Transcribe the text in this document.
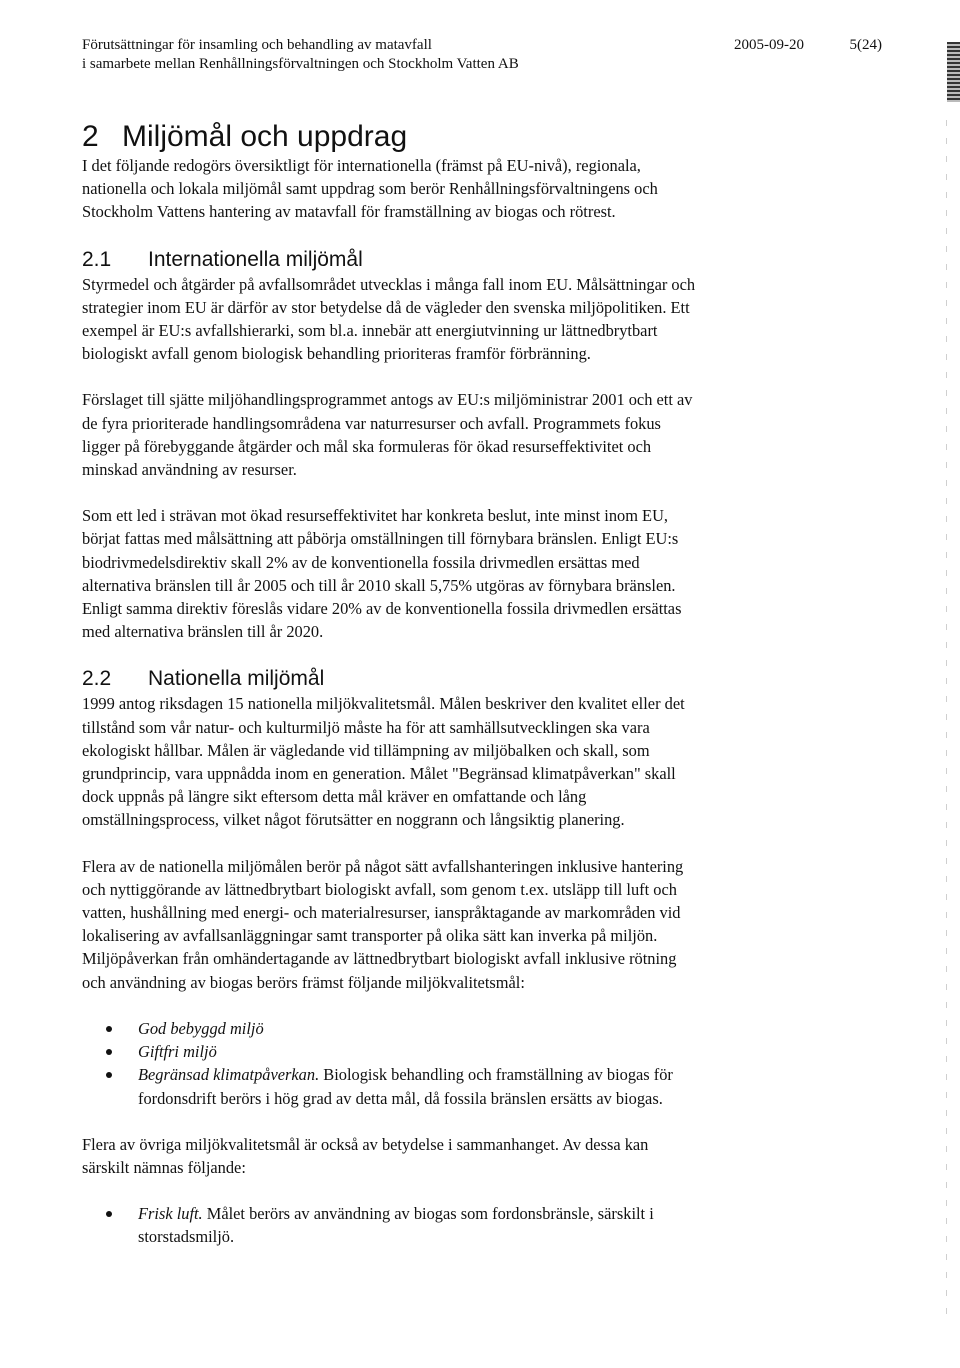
Förutsättningar för insamling och behandling av matavfall
i samarbete mellan Renhållningsförvaltningen och Stockholm Vatten AB
2005-09-20	5(24)
2 Miljömål och uppdrag

I det följande redogörs översiktligt för internationella (främst på EU-nivå), regionala,
nationella och lokala miljömål samt uppdrag som berör Renhållningsförvaltningens och
Stockholm Vattens hantering av matavfall för framställning av biogas och rötrest.

2.1 Internationella miljömål

Styrmedel och åtgärder på avfallsområdet utvecklas i många fall inom EU. Målsättningar och
strategier inom EU är därför av stor betydelse då de vägleder den svenska miljöpolitiken. Ett
exempel är EU:s avfallshierarki, som bl.a. innebär att energiutvinning ur lättnedbrytbart
biologiskt avfall genom biologisk behandling prioriteras framför förbränning.

Förslaget till sjätte miljöhandlingsprogrammet antogs av EU:s miljöministrar 2001 och ett av
de fyra prioriterade handlingsområdena var naturresurser och avfall. Programmets fokus
ligger på förebyggande åtgärder och mål ska formuleras för ökad resurseffektivitet och
minskad användning av resurser.

Som ett led i strävan mot ökad resurseffektivitet har konkreta beslut, inte minst inom EU,
börjat fattas med målsättning att påbörja omställningen till förnybara bränslen. Enligt EU:s
biodrivmedelsdirektiv skall 2% av de konventionella fossila drivmedlen ersättas med
alternativa bränslen till år 2005 och till år 2010 skall 5,75% utgöras av förnybara bränslen.
Enligt samma direktiv föreslås vidare 20% av de konventionella fossila drivmedlen ersättas
med alternativa bränslen till år 2020.

2.2 Nationella miljömål

1999 antog riksdagen 15 nationella miljökvalitetsmål. Målen beskriver den kvalitet eller det
tillstånd som vår natur- och kulturmiljö måste ha för att samhällsutvecklingen ska vara
ekologiskt hållbar. Målen är vägledande vid tillämpning av miljöbalken och skall, som
grundprincip, vara uppnådda inom en generation. Målet "Begränsad klimatpåverkan" skall
dock uppnås på längre sikt eftersom detta mål kräver en omfattande och lång
omställningsprocess, vilket något förutsätter en noggrann och långsiktig planering.

Flera av de nationella miljömålen berör på något sätt avfallshanteringen inklusive hantering
och nyttiggörande av lättnedbrytbart biologiskt avfall, som genom t.ex. utsläpp till luft och
vatten, hushållning med energi- och materialresurser, ianspråktagande av markområden vid
lokalisering av avfallsanläggningar samt transporter på olika sätt kan inverka på miljön.
Miljöpåverkan från omhändertagande av lättnedbrytbart biologiskt avfall inklusive rötning
och användning av biogas berörs främst följande miljökvalitetsmål:

God bebyggd miljö
Giftfri miljö
Begränsad klimatpåverkan. Biologisk behandling och framställning av biogas för
fordonsdrift berörs i hög grad av detta mål, då fossila bränslen ersätts av biogas.

Flera av övriga miljökvalitetsmål är också av betydelse i sammanhanget. Av dessa kan
särskilt nämnas följande:

Frisk luft. Målet berörs av användning av biogas som fordonsbränsle, särskilt i
storstadsmiljö.
